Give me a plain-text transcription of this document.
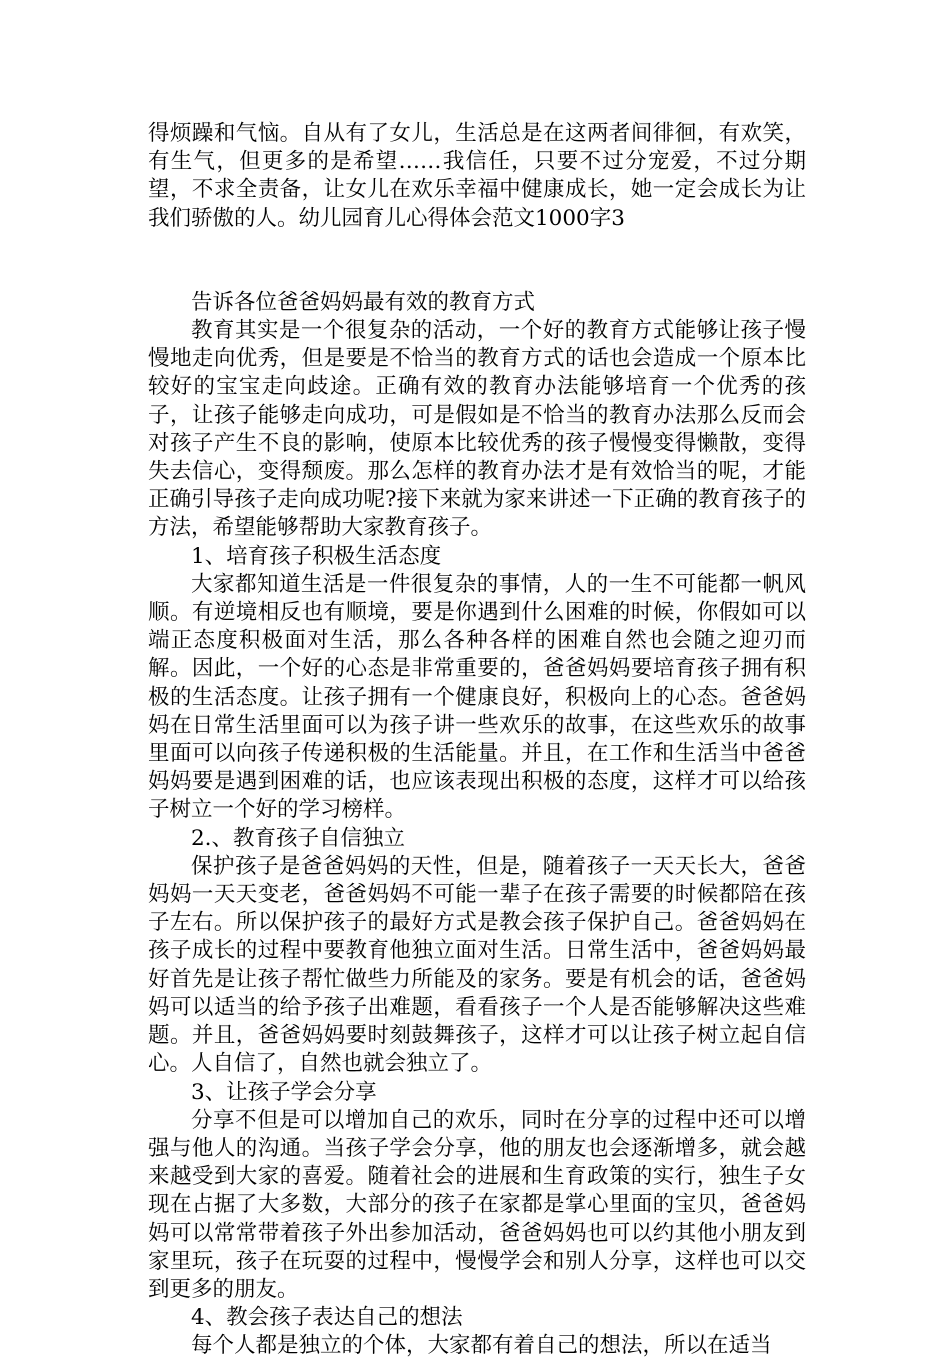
得烦躁和气恼。自从有了女儿，生活总是在这两者间徘徊，有欢笑，有生气，但更多的是希望……我信任，只要不过分宠爱，不过分期望，不求全责备，让女儿在欢乐幸福中健康成长，她一定会成长为让我们骄傲的人。幼儿园育儿心得体会范文1000字3

告诉各位爸爸妈妈最有效的教育方式

教育其实是一个很复杂的活动，一个好的教育方式能够让孩子慢慢地走向优秀，但是要是不恰当的教育方式的话也会造成一个原本比较好的宝宝走向歧途。正确有效的教育办法能够培育一个优秀的孩子，让孩子能够走向成功，可是假如是不恰当的教育办法那么反而会对孩子产生不良的影响，使原本比较优秀的孩子慢慢变得懒散，变得失去信心，变得颓废。那么怎样的教育办法才是有效恰当的呢，才能正确引导孩子走向成功呢?接下来就为家来讲述一下正确的教育孩子的方法，希望能够帮助大家教育孩子。

1、培育孩子积极生活态度

大家都知道生活是一件很复杂的事情，人的一生不可能都一帆风顺。有逆境相反也有顺境，要是你遇到什么困难的时候，你假如可以端正态度积极面对生活，那么各种各样的困难自然也会随之迎刃而解。因此，一个好的心态是非常重要的，爸爸妈妈要培育孩子拥有积极的生活态度。让孩子拥有一个健康良好，积极向上的心态。爸爸妈妈在日常生活里面可以为孩子讲一些欢乐的故事，在这些欢乐的故事里面可以向孩子传递积极的生活能量。并且，在工作和生活当中爸爸妈妈要是遇到困难的话，也应该表现出积极的态度，这样才可以给孩子树立一个好的学习榜样。

2.、教育孩子自信独立

保护孩子是爸爸妈妈的天性，但是，随着孩子一天天长大，爸爸妈妈一天天变老，爸爸妈妈不可能一辈子在孩子需要的时候都陪在孩子左右。所以保护孩子的最好方式是教会孩子保护自己。爸爸妈妈在孩子成长的过程中要教育他独立面对生活。日常生活中，爸爸妈妈最好首先是让孩子帮忙做些力所能及的家务。要是有机会的话，爸爸妈妈可以适当的给予孩子出难题，看看孩子一个人是否能够解决这些难题。并且，爸爸妈妈要时刻鼓舞孩子，这样才可以让孩子树立起自信心。人自信了，自然也就会独立了。

3、让孩子学会分享

分享不但是可以增加自己的欢乐，同时在分享的过程中还可以增强与他人的沟通。当孩子学会分享，他的朋友也会逐渐增多，就会越来越受到大家的喜爱。随着社会的进展和生育政策的实行，独生子女现在占据了大多数，大部分的孩子在家都是掌心里面的宝贝，爸爸妈妈可以常常带着孩子外出参加活动，爸爸妈妈也可以约其他小朋友到家里玩，孩子在玩耍的过程中，慢慢学会和别人分享，这样也可以交到更多的朋友。

4、教会孩子表达自己的想法

每个人都是独立的个体，大家都有着自己的想法，所以在适当
